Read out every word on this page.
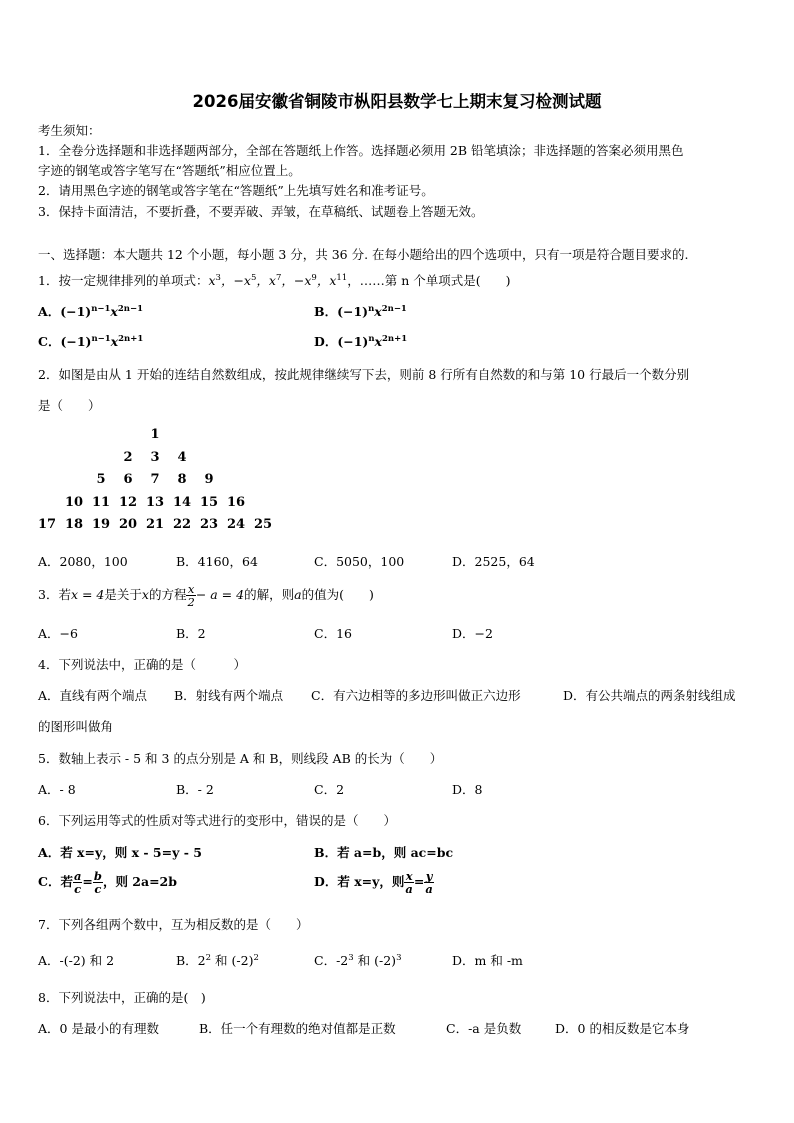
2026届安徽省铜陵市枞阳县数学七上期末复习检测试题
考生须知：
1．全卷分选择题和非选择题两部分，全部在答题纸上作答。选择题必须用 2B 铅笔填涂；非选择题的答案必须用黑色
字迹的钢笔或答字笔写在“答题纸”相应位置上。
2．请用黑色字迹的钢笔或答字笔在“答题纸”上先填写姓名和准考证号。
3．保持卡面清洁，不要折叠，不要弄破、弄皱，在草稿纸、试题卷上答题无效。
一、选择题：本大题共 12 个小题，每小题 3 分，共 36 分. 在每小题给出的四个选项中，只有一项是符合题目要求的.
1．按一定规律排列的单项式：$x^3$，$-x^5$，$x^7$，$-x^9$，$x^{11}$，……第 n 个单项式是(　　)
A．$(-1)^{n-1}x^{2n-1}$	B．$(-1)^nx^{2n-1}$
C．$(-1)^{n-1}x^{2n+1}$	D．$(-1)^nx^{2n+1}$
2．如图是由从 1 开始的连结自然数组成，按此规律继续写下去，则前 8 行所有自然数的和与第 10 行最后一个数分别
是（　　）
1
2	3	4
5	6	7	8	9
10 11 12 13 14 15 16
17 18 19 20 21 22 23 24 25
A．2080，100	B．4160，64	C．5050，100	D．2525，64
3．若x = 4是关于x的方程 $\frac{x}{2} - a = 4$的解，则a的值为(　　)
A．−6	B．2	C．16	D．−2
4．下列说法中，正确的是（　　　）
A．直线有两个端点 B．射线有两个端点 C．有六边相等的多边形叫做正六边形	D．有公共端点的两条射线组成
的图形叫做角
5．数轴上表示 - 5 和 3 的点分别是 A 和 B，则线段 AB 的长为（　　）
A．- 8	B．- 2	C．2	D．8
6．下列运用等式的性质对等式进行的变形中，错误的是（　　）
A．若 x=y，则 x - 5=y - 5	B．若 a=b，则 ac=bc
C．若 $\frac{a}{c} = \frac{b}{c}$ ，则 2a=2b	D．若 x=y，则 $\frac{x}{a} = \frac{y}{a}$
7．下列各组两个数中，互为相反数的是（　　）
A．-(-2) 和 2	B．$2^2$ 和 $(-2)^2$	C．$-2^3$ 和 $(-2)^3$	D．m 和 -m
8．下列说法中，正确的是(　)
A．0 是最小的有理数	B．任一个有理数的绝对值都是正数	C．-a 是负数	D．0 的相反数是它本身
